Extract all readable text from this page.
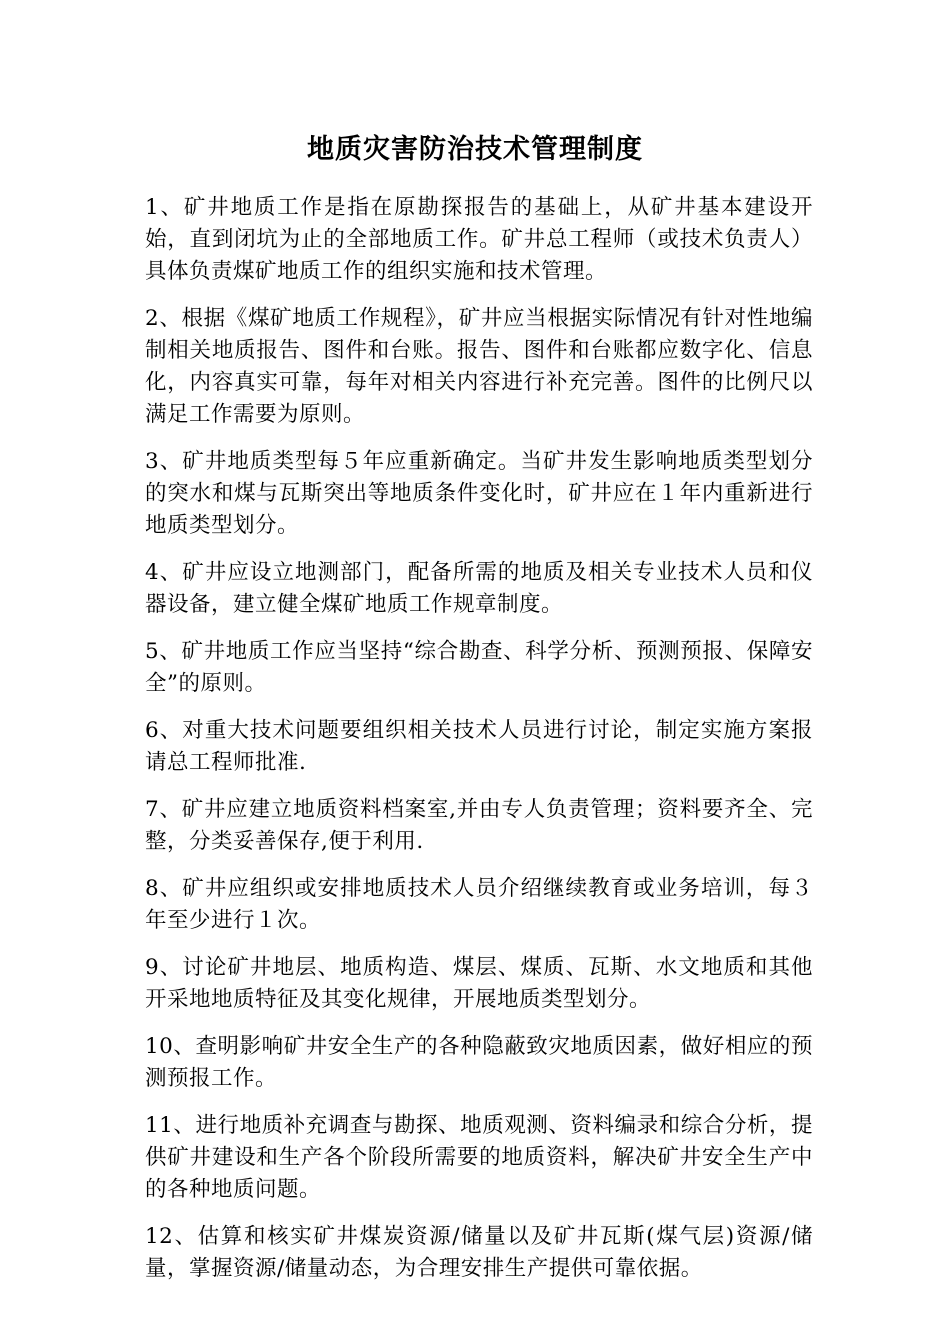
地质灾害防治技术管理制度

1、矿井地质工作是指在原勘探报告的基础上，从矿井基本建设开始，直到闭坑为止的全部地质工作。矿井总工程师（或技术负责人）具体负责煤矿地质工作的组织实施和技术管理。

2、根据《煤矿地质工作规程》，矿井应当根据实际情况有针对性地编制相关地质报告、图件和台账。报告、图件和台账都应数字化、信息化，内容真实可靠，每年对相关内容进行补充完善。图件的比例尺以满足工作需要为原则。

3、矿井地质类型每５年应重新确定。当矿井发生影响地质类型划分的突水和煤与瓦斯突出等地质条件变化时，矿井应在１年内重新进行地质类型划分。

4、矿井应设立地测部门，配备所需的地质及相关专业技术人员和仪器设备，建立健全煤矿地质工作规章制度。

5、矿井地质工作应当坚持“综合勘查、科学分析、预测预报、保障安全”的原则。

6、对重大技术问题要组织相关技术人员进行讨论，制定实施方案报请总工程师批准.

7、矿井应建立地质资料档案室,并由专人负责管理；资料要齐全、完整，分类妥善保存,便于利用.

8、矿井应组织或安排地质技术人员介绍继续教育或业务培训，每３年至少进行１次。

9、讨论矿井地层、地质构造、煤层、煤质、瓦斯、水文地质和其他开采地地质特征及其变化规律，开展地质类型划分。

10、查明影响矿井安全生产的各种隐蔽致灾地质因素，做好相应的预测预报工作。

11、进行地质补充调查与勘探、地质观测、资料编录和综合分析，提供矿井建设和生产各个阶段所需要的地质资料，解决矿井安全生产中的各种地质问题。

12、估算和核实矿井煤炭资源/储量以及矿井瓦斯(煤气层)资源/储量，掌握资源/储量动态，为合理安排生产提供可靠依据。
